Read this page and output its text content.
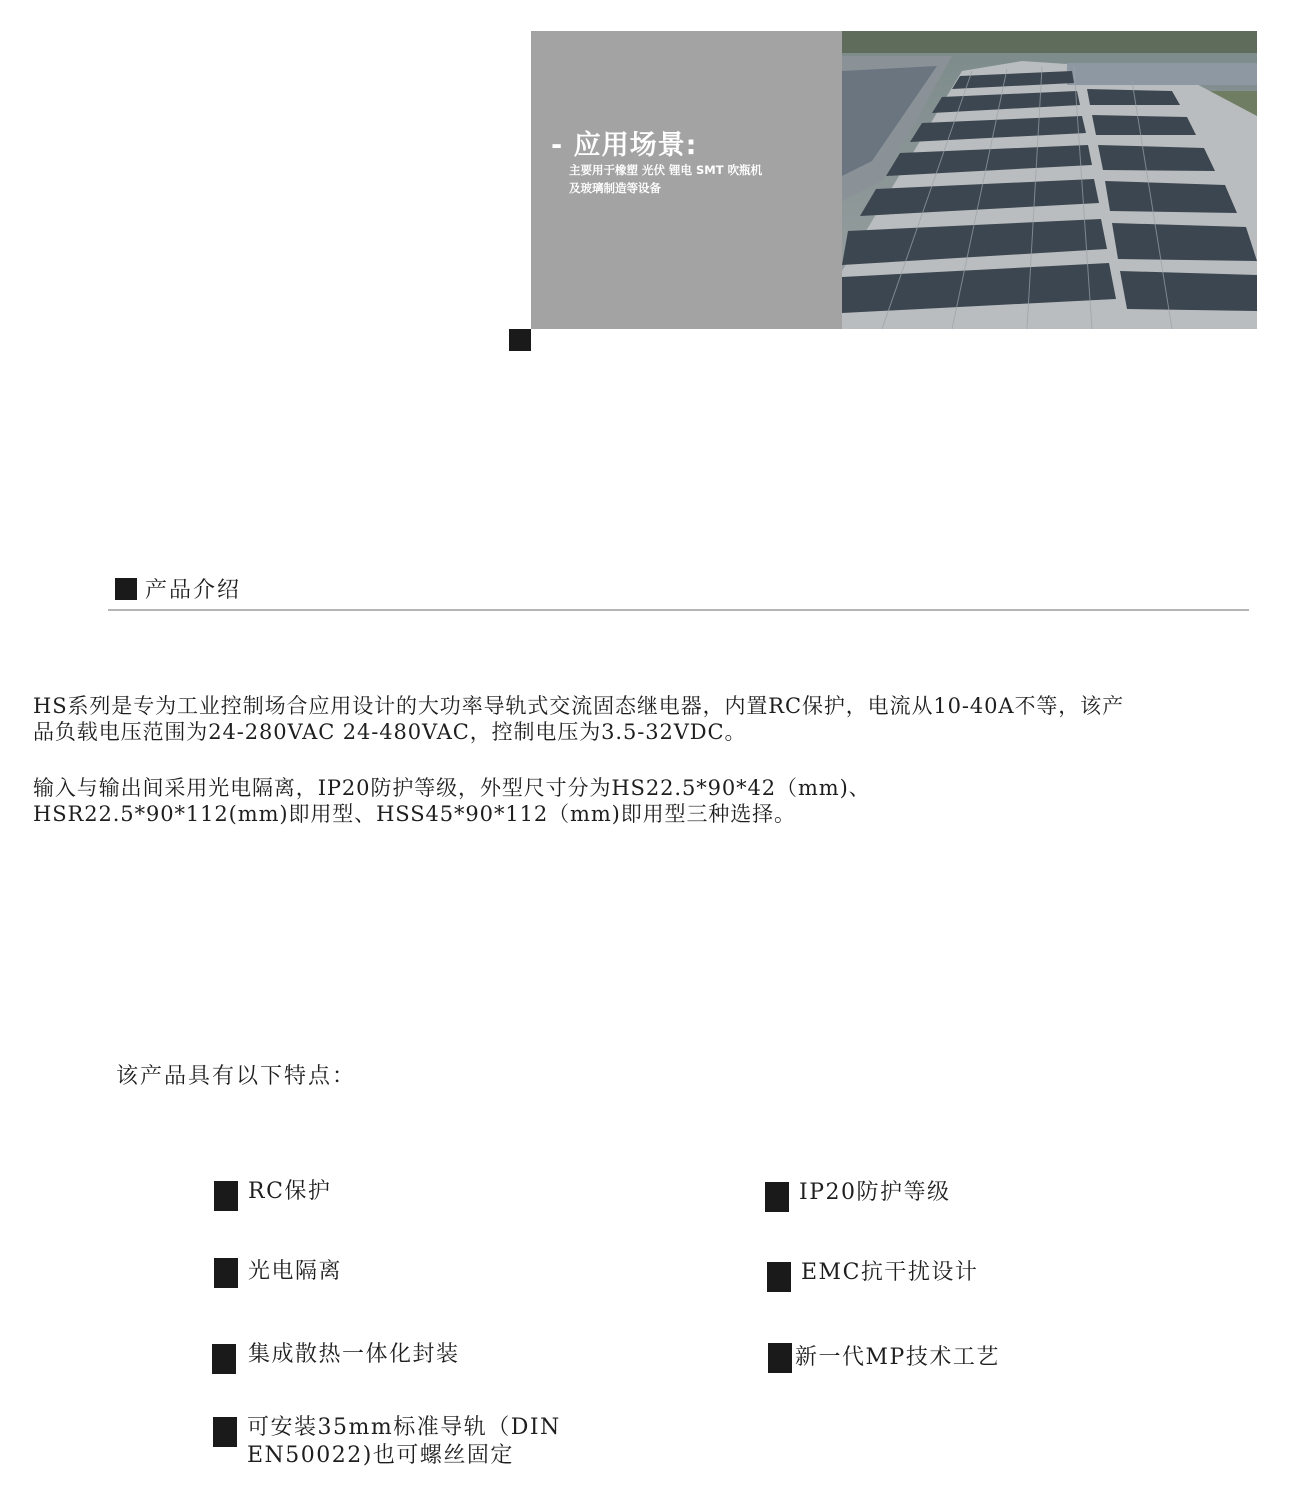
- 应用场景:
主要用于橡塑 光伏 锂电 SMT 吹瓶机
及玻璃制造等设备
产品介绍
HS系列是专为工业控制场合应用设计的大功率导轨式交流固态继电器，内置RC保护，电流从10-40A不等，该产
品负载电压范围为24-280VAC 24-480VAC，控制电压为3.5-32VDC。
输入与输出间采用光电隔离，IP20防护等级，外型尺寸分为HS22.5*90*42（mm)、
HSR22.5*90*112(mm)即用型、HSS45*90*112（mm)即用型三种选择。
该产品具有以下特点：
RC保护	IP20防护等级
光电隔离	EMC抗干扰设计
集成散热一体化封装	新一代MP技术工艺
可安装35mm标准导轨（DIN EN50022)也可螺丝固定
